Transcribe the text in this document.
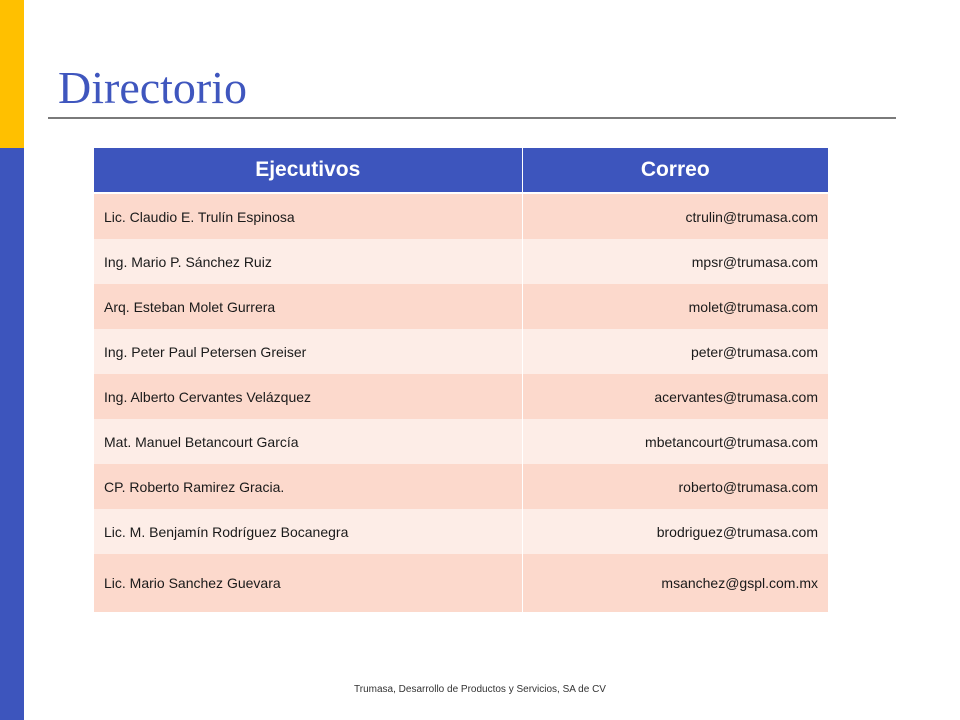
Directorio
Ejecutivos	Correo
Lic. Claudio E. Trulín Espinosa	ctrulin@trumasa.com
Ing. Mario P. Sánchez Ruiz	mpsr@trumasa.com
Arq. Esteban Molet Gurrera	molet@trumasa.com
Ing. Peter Paul Petersen Greiser	peter@trumasa.com
Ing. Alberto Cervantes Velázquez	acervantes@trumasa.com
Mat. Manuel Betancourt García	mbetancourt@trumasa.com
CP. Roberto Ramirez Gracia.	roberto@trumasa.com
Lic. M. Benjamín Rodríguez Bocanegra	brodriguez@trumasa.com
Lic. Mario Sanchez Guevara	msanchez@gspl.com.mx
Trumasa, Desarrollo de Productos y Servicios, SA de CV
